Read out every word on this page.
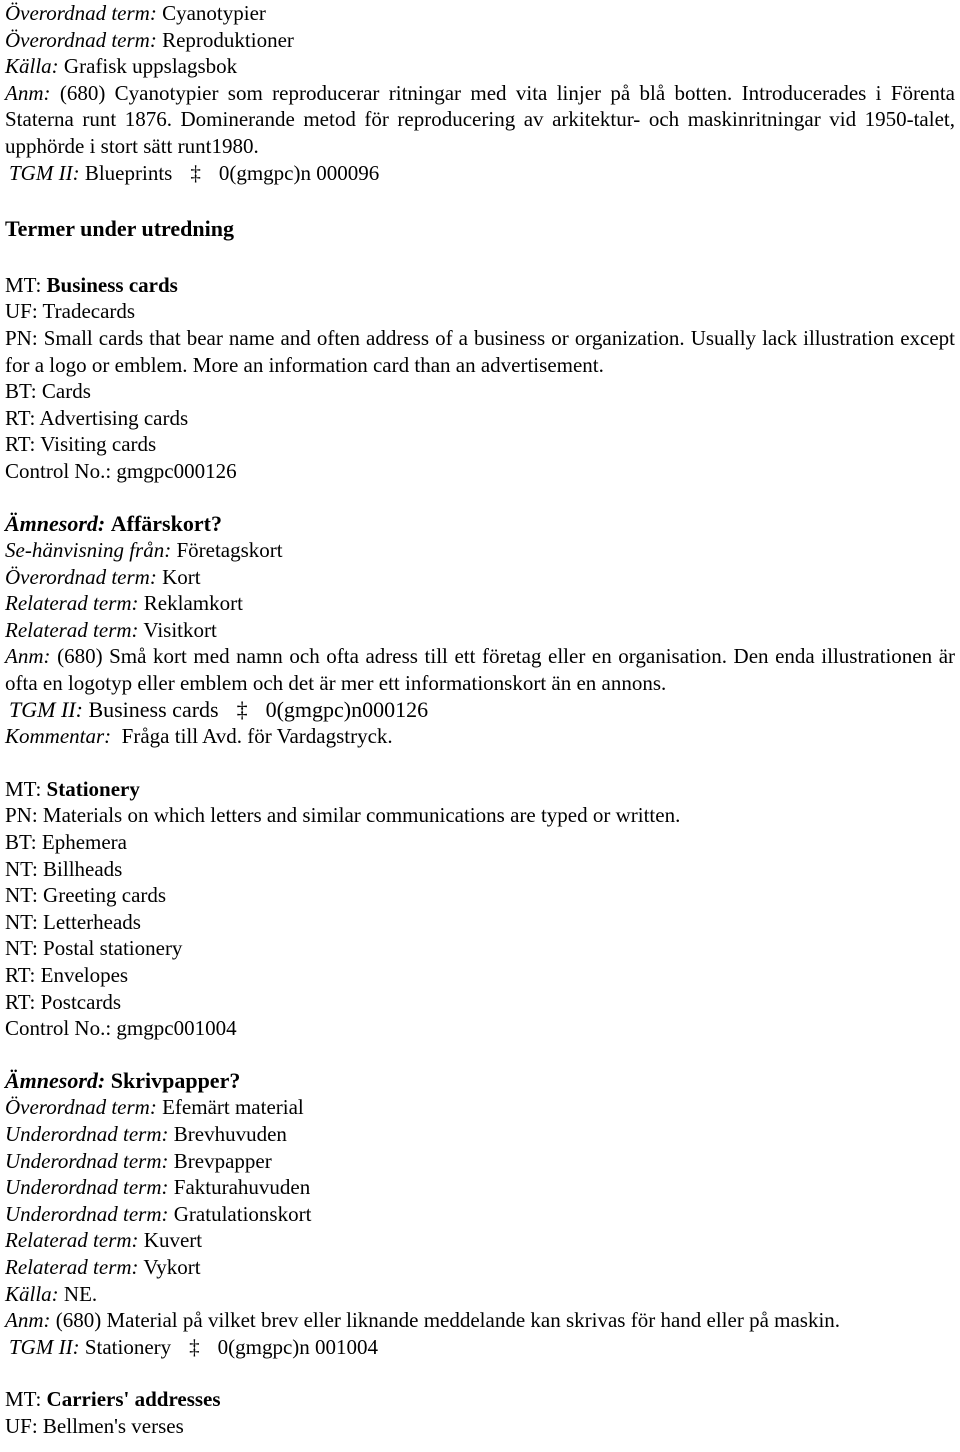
Överordnad term: Cyanotypier

Överordnad term: Reproduktioner

Källa: Grafisk uppslagsbok

Anm: (680) Cyanotypier som reproducerar ritningar med vita linjer på blå botten. Introducerades i Förenta Staterna runt 1876. Dominerande metod för reproducering av arkitektur- och maskinritningar vid 1950-talet, upphörde i stort sätt runt1980.

TGM II: Blueprints ‡ 0(gmgpc)n 000096

Termer under utredning

MT: Business cards

UF: Tradecards

PN: Small cards that bear name and often address of a business or organization. Usually lack illustration except for a logo or emblem. More an information card than an advertisement.

BT: Cards

RT: Advertising cards

RT: Visiting cards

Control No.: gmgpc000126

Ämnesord: Affärskort?

Se-hänvisning från: Företagskort

Överordnad term: Kort

Relaterad term: Reklamkort

Relaterad term: Visitkort

Anm: (680) Små kort med namn och ofta adress till ett företag eller en organisation. Den enda illustrationen är ofta en logotyp eller emblem och det är mer ett informationskort än en annons.

TGM II: Business cards ‡ 0(gmgpc)n000126

Kommentar: Fråga till Avd. för Vardagstryck.

MT: Stationery

PN: Materials on which letters and similar communications are typed or written.

BT: Ephemera

NT: Billheads

NT: Greeting cards

NT: Letterheads

NT: Postal stationery

RT: Envelopes

RT: Postcards

Control No.: gmgpc001004

Ämnesord: Skrivpapper?

Överordnad term: Efemärt material

Underordnad term: Brevhuvuden

Underordnad term: Brevpapper

Underordnad term: Fakturahuvuden

Underordnad term: Gratulationskort

Relaterad term: Kuvert

Relaterad term: Vykort

Källa: NE.

Anm: (680) Material på vilket brev eller liknande meddelande kan skrivas för hand eller på maskin.

TGM II: Stationery ‡ 0(gmgpc)n 001004

MT: Carriers' addresses

UF: Bellmen's verses
